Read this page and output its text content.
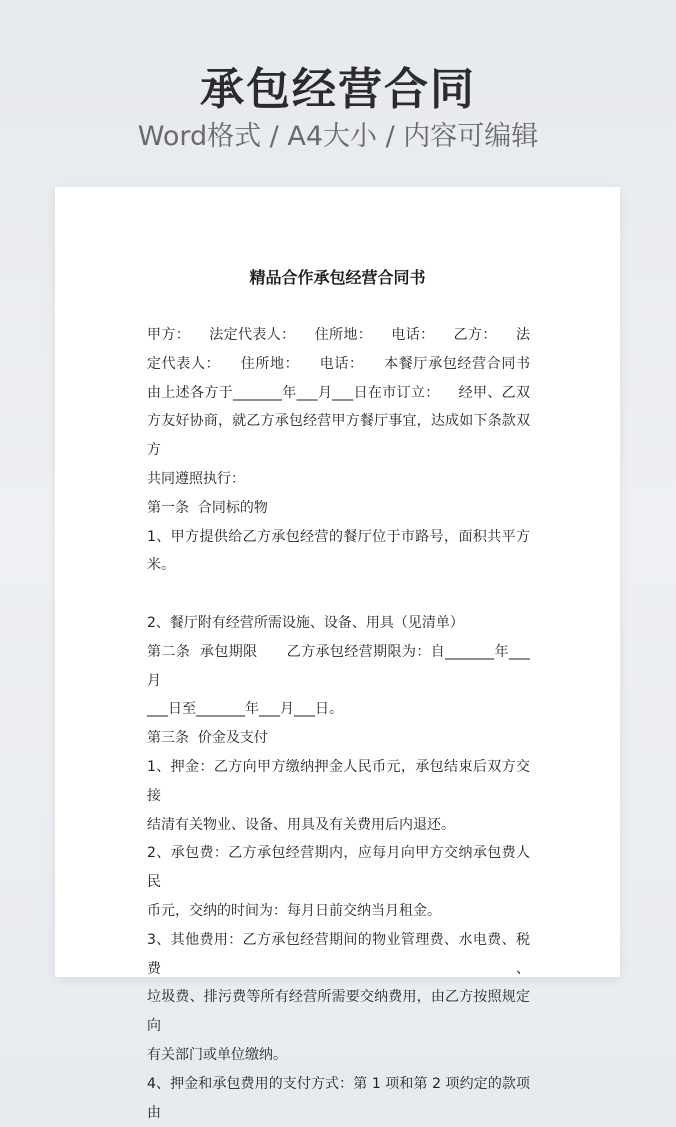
承包经营合同
Word格式 / A4大小 / 内容可编辑
精品合作承包经营合同书

甲方：    法定代表人：    住所地：    电话：    乙方：    法

定代表人：    住所地：    电话：    本餐厅承包经营合同书

由上述各方于_______年___月___日在市订立：    经甲、乙双

方友好协商，就乙方承包经营甲方餐厅事宜，达成如下条款双方

共同遵照执行：

第一条  合同标的物

1、甲方提供给乙方承包经营的餐厅位于市路号，面积共平方米。

2、餐厅附有经营所需设施、设备、用具（见清单）

第二条  承包期限      乙方承包经营期限为：自_______年___月

___日至_______年___月___日。

第三条  价金及支付

1、押金：乙方向甲方缴纳押金人民币元，承包结束后双方交接

结清有关物业、设备、用具及有关费用后内退还。

2、承包费：乙方承包经营期内，应每月向甲方交纳承包费人民

币元，交纳的时间为：每月日前交纳当月租金。

3、其他费用：乙方承包经营期间的物业管理费、水电费、税费、

垃圾费、排污费等所有经营所需要交纳费用，由乙方按照规定向

有关部门或单位缴纳。

4、押金和承包费用的支付方式：第 1 项和第 2 项约定的款项由
